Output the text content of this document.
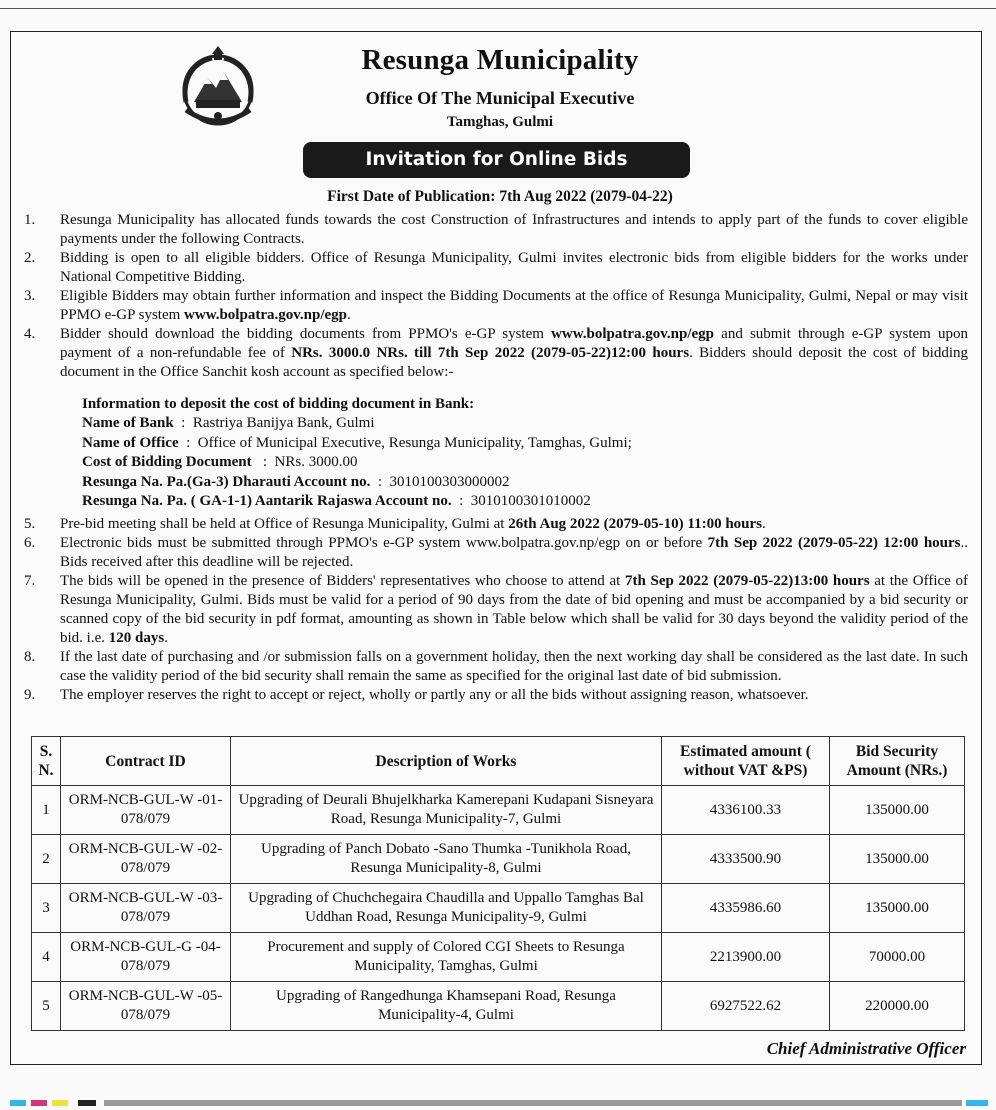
Resunga Municipality
Office Of The Municipal Executive
Tamghas, Gulmi
Invitation for Online Bids
First Date of Publication: 7th Aug 2022 (2079-04-22)
1.	Resunga Municipality has allocated funds towards the cost Construction of Infrastructures and intends to apply part of the funds to cover eligible payments under the following Contracts.
2.	Bidding is open to all eligible bidders. Office of Resunga Municipality, Gulmi invites electronic bids from eligible bidders for the works under National Competitive Bidding.
3.	Eligible Bidders may obtain further information and inspect the Bidding Documents at the office of Resunga Municipality, Gulmi, Nepal or may visit PPMO e-GP system www.bolpatra.gov.np/egp.
4.	Bidder should download the bidding documents from PPMO's e-GP system www.bolpatra.gov.np/egp and submit through e-GP system upon payment of a non-refundable fee of NRs. 3000.0 NRs. till 7th Sep 2022 (2079-05-22)12:00 hours. Bidders should deposit the cost of bidding document in the Office Sanchit kosh account as specified below:-
Information to deposit the cost of bidding document in Bank:
Name of Bank  :  Rastriya Banijya Bank, Gulmi
Name of Office  :  Office of Municipal Executive, Resunga Municipality, Tamghas, Gulmi;
Cost of Bidding Document   :  NRs. 3000.00
Resunga Na. Pa.(Ga-3) Dharauti Account no.  :  3010100303000002
Resunga Na. Pa. ( GA-1-1) Aantarik Rajaswa Account no.  :  3010100301010002
5.	Pre-bid meeting shall be held at Office of Resunga Municipality, Gulmi at 26th Aug 2022 (2079-05-10) 11:00 hours.
6.	Electronic bids must be submitted through PPMO's e-GP system www.bolpatra.gov.np/egp on or before 7th Sep 2022 (2079-05-22) 12:00 hours.. Bids received after this deadline will be rejected.
7.	The bids will be opened in the presence of Bidders' representatives who choose to attend at 7th Sep 2022 (2079-05-22)13:00 hours at the Office of Resunga Municipality, Gulmi. Bids must be valid for a period of 90 days from the date of bid opening and must be accompanied by a bid security or scanned copy of the bid security in pdf format, amounting as shown in Table below which shall be valid for 30 days beyond the validity period of the bid. i.e. 120 days.
8.	If the last date of purchasing and /or submission falls on a government holiday, then the next working day shall be considered as the last date. In such case the validity period of the bid security shall remain the same as specified for the original last date of bid submission.
9.	The employer reserves the right to accept or reject, wholly or partly any or all the bids without assigning reason, whatsoever.
S. N.	Contract ID	Description of Works	Estimated amount ( without VAT &PS)	Bid Security Amount (NRs.)
1	ORM-NCB-GUL-W -01-078/079	Upgrading of Deurali Bhujelkharka Kamerepani Kudapani Sisneyara Road, Resunga Municipality-7, Gulmi	4336100.33	135000.00
2	ORM-NCB-GUL-W -02-078/079	Upgrading of Panch Dobato -Sano Thumka -Tunikhola Road, Resunga Municipality-8, Gulmi	4333500.90	135000.00
3	ORM-NCB-GUL-W -03-078/079	Upgrading of Chuchchegaira Chaudilla and Uppallo Tamghas Bal Uddhan Road, Resunga Municipality-9, Gulmi	4335986.60	135000.00
4	ORM-NCB-GUL-G -04-078/079	Procurement and supply of Colored CGI Sheets to Resunga Municipality, Tamghas, Gulmi	2213900.00	70000.00
5	ORM-NCB-GUL-W -05-078/079	Upgrading of Rangedhunga Khamsepani Road, Resunga Municipality-4, Gulmi	6927522.62	220000.00
Chief Administrative Officer
